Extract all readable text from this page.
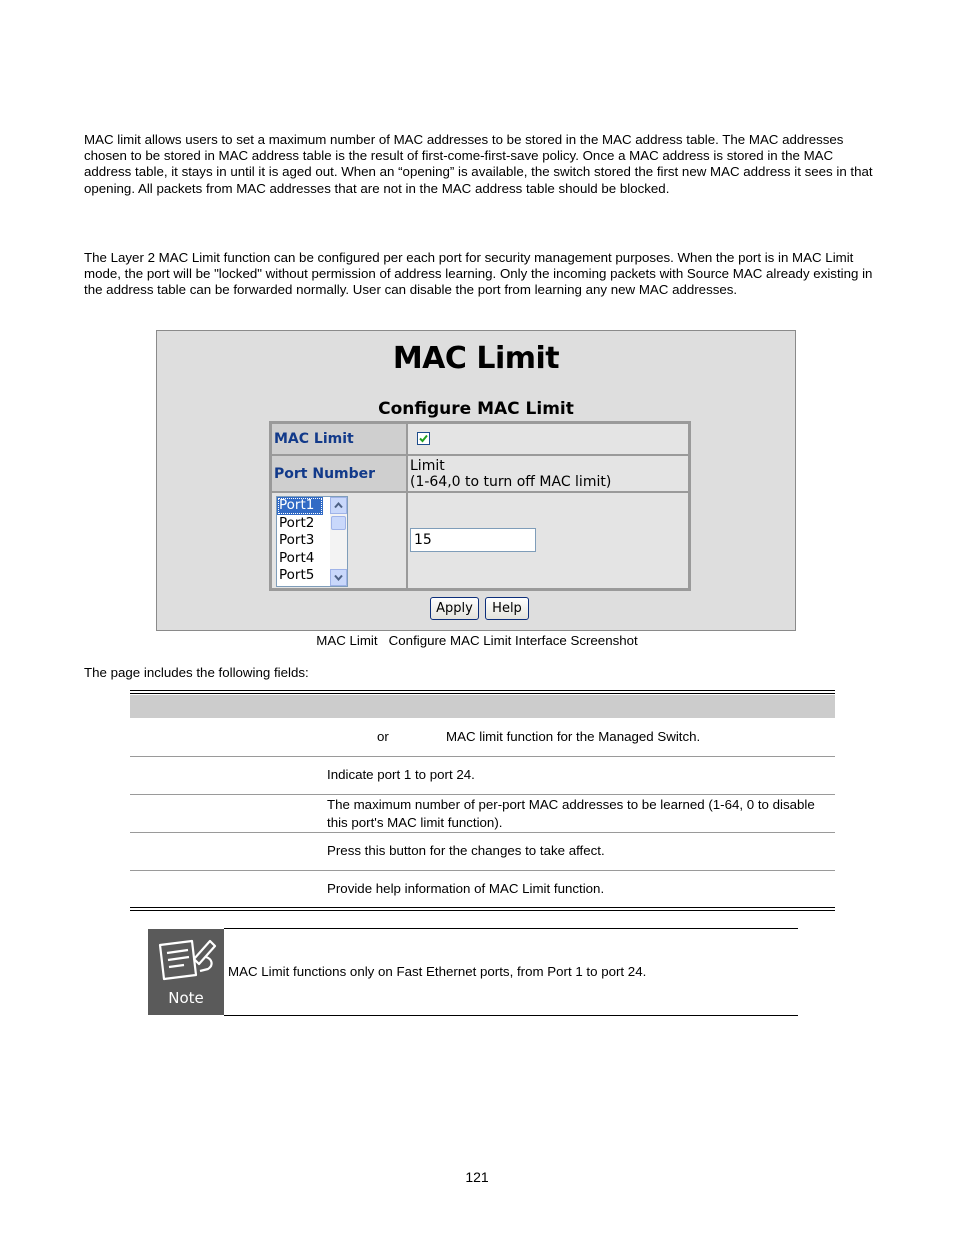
MAC limit allows users to set a maximum number of MAC addresses to be stored in the MAC address table. The MAC addresses chosen to be stored in MAC address table is the result of first-come-first-save policy. Once a MAC address is stored in the MAC address table, it stays in until it is aged out. When an “opening” is available, the switch stored the first new MAC address it sees in that opening. All packets from MAC addresses that are not in the MAC address table should be blocked.

The Layer 2 MAC Limit function can be configured per each port for security management purposes. When the port is in MAC Limit mode, the port will be "locked" without permission of address learning. Only the incoming packets with Source MAC already existing in the address table can be forwarded normally. User can disable the port from learning any new MAC addresses.

MAC Limit
Configure MAC Limit
MAC Limit
Port Number	Limit
(1-64,0 to turn off MAC limit)
Port1
Port2
Port3
Port4
Port5
15
Apply	Help
MAC Limit Configure MAC Limit Interface Screenshot
The page includes the following fields:
or	MAC limit function for the Managed Switch.
Indicate port 1 to port 24.
The maximum number of per-port MAC addresses to be learned (1-64, 0 to disable this port's MAC limit function).
Press this button for the changes to take affect.
Provide help information of MAC Limit function.
Note
MAC Limit functions only on Fast Ethernet ports, from Port 1 to port 24.
121
